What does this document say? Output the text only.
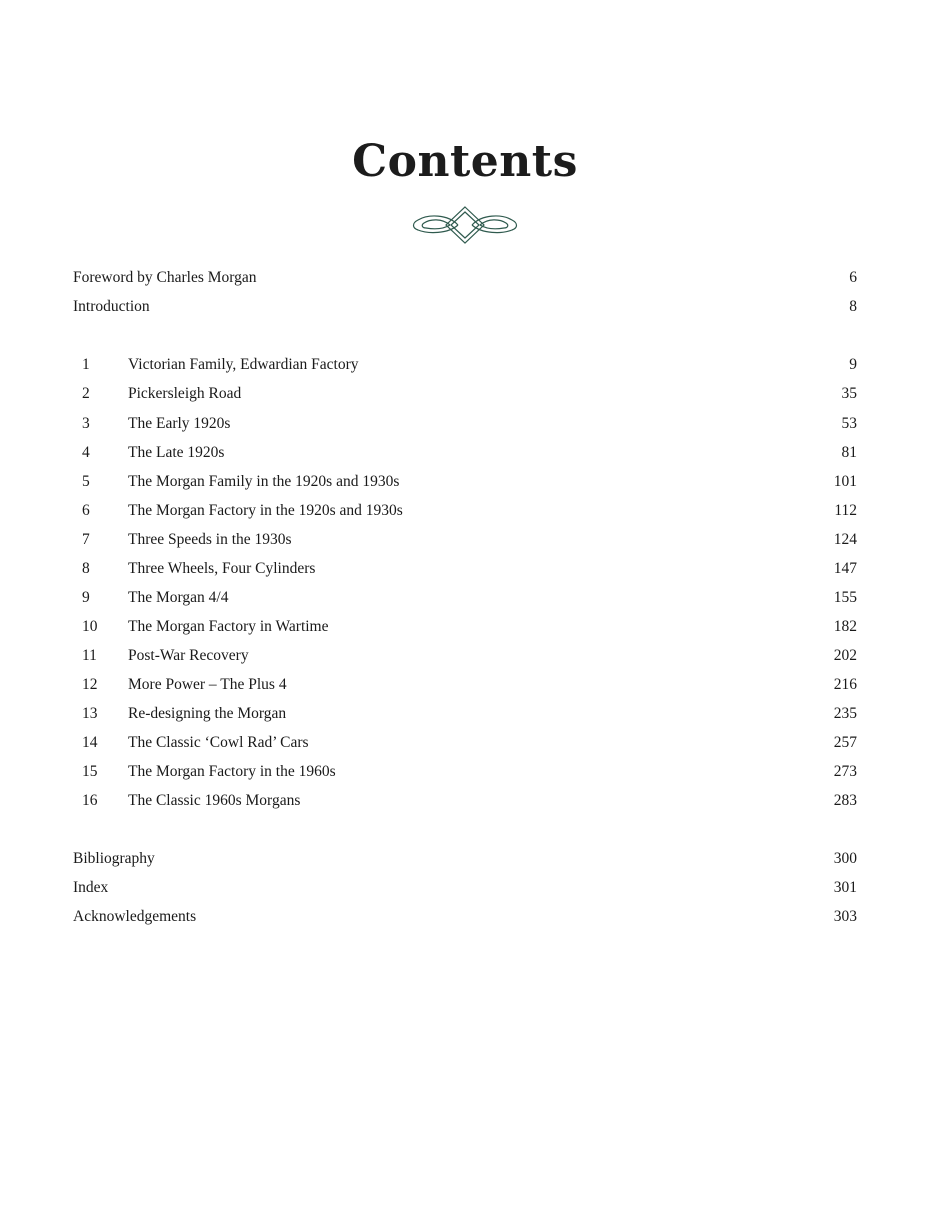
Contents
Foreword by Charles Morgan	6
Introduction	8
1	Victorian Family, Edwardian Factory	9
2	Pickersleigh Road	35
3	The Early 1920s	53
4	The Late 1920s	81
5	The Morgan Family in the 1920s and 1930s	101
6	The Morgan Factory in the 1920s and 1930s	112
7	Three Speeds in the 1930s	124
8	Three Wheels, Four Cylinders	147
9	The Morgan 4/4	155
10	The Morgan Factory in Wartime	182
11	Post-War Recovery	202
12	More Power – The Plus 4	216
13	Re-designing the Morgan	235
14	The Classic ‘Cowl Rad’ Cars	257
15	The Morgan Factory in the 1960s	273
16	The Classic 1960s Morgans	283
Bibliography	300
Index	301
Acknowledgements	303
